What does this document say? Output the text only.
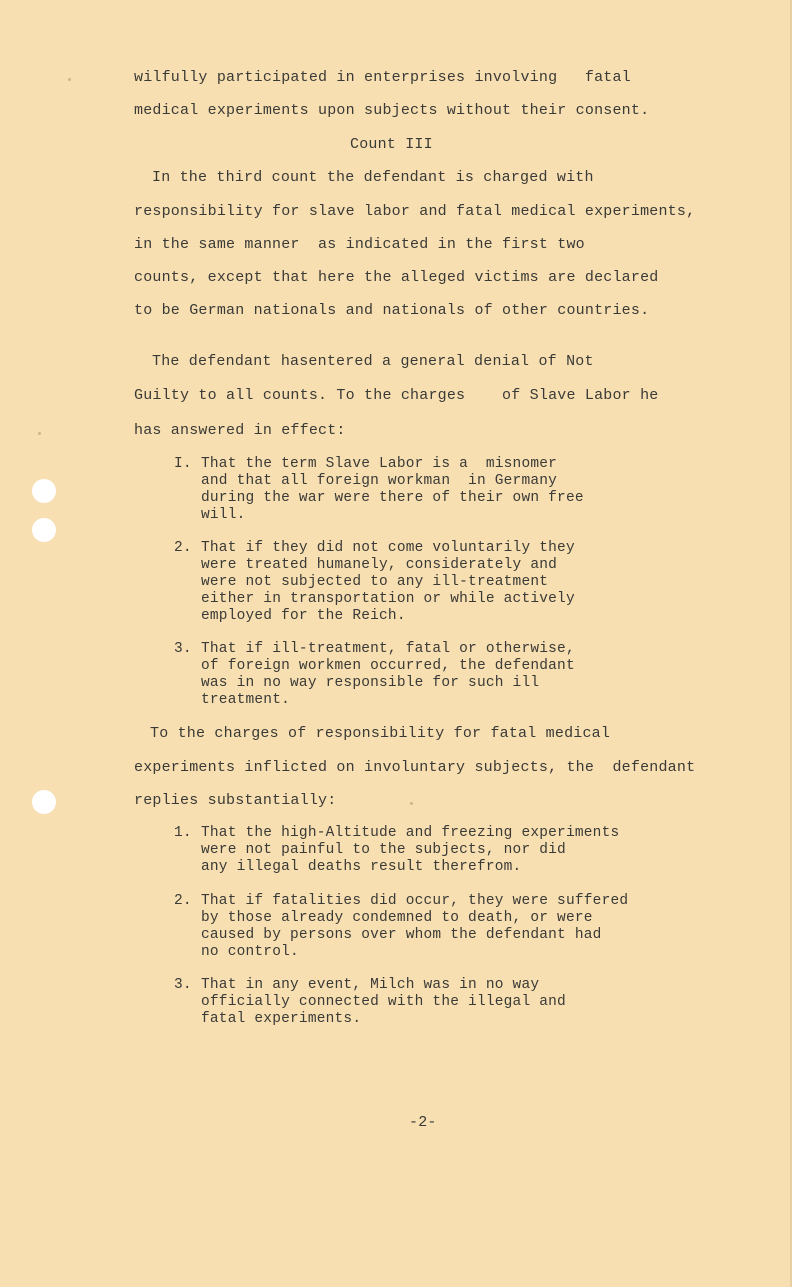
wilfully participated in enterprises involving   fatal
medical experiments upon subjects without their consent.
Count III
In the third count the defendant is charged with
responsibility for slave labor and fatal medical experiments,
in the same manner  as indicated in the first two
counts, except that here the alleged victims are declared
to be German nationals and nationals of other countries.
The defendant hasentered a general denial of Not
Guilty to all counts. To the charges    of Slave Labor he
has answered in effect:
I. That the term Slave Labor is a  misnomer
and that all foreign workman  in Germany
during the war were there of their own free
will.
2. That if they did not come voluntarily they
were treated humanely, considerately and
were not subjected to any ill-treatment
either in transportation or while actively
employed for the Reich.
3. That if ill-treatment, fatal or otherwise,
of foreign workmen occurred, the defendant
was in no way responsible for such ill
treatment.
To the charges of responsibility for fatal medical
experiments inflicted on involuntary subjects, the  defendant
replies substantially:
1. That the high-Altitude and freezing experiments
were not painful to the subjects, nor did
any illegal deaths result therefrom.
2. That if fatalities did occur, they were suffered
by those already condemned to death, or were
caused by persons over whom the defendant had
no control.
3. That in any event, Milch was in no way
officially connected with the illegal and
fatal experiments.
-2-
